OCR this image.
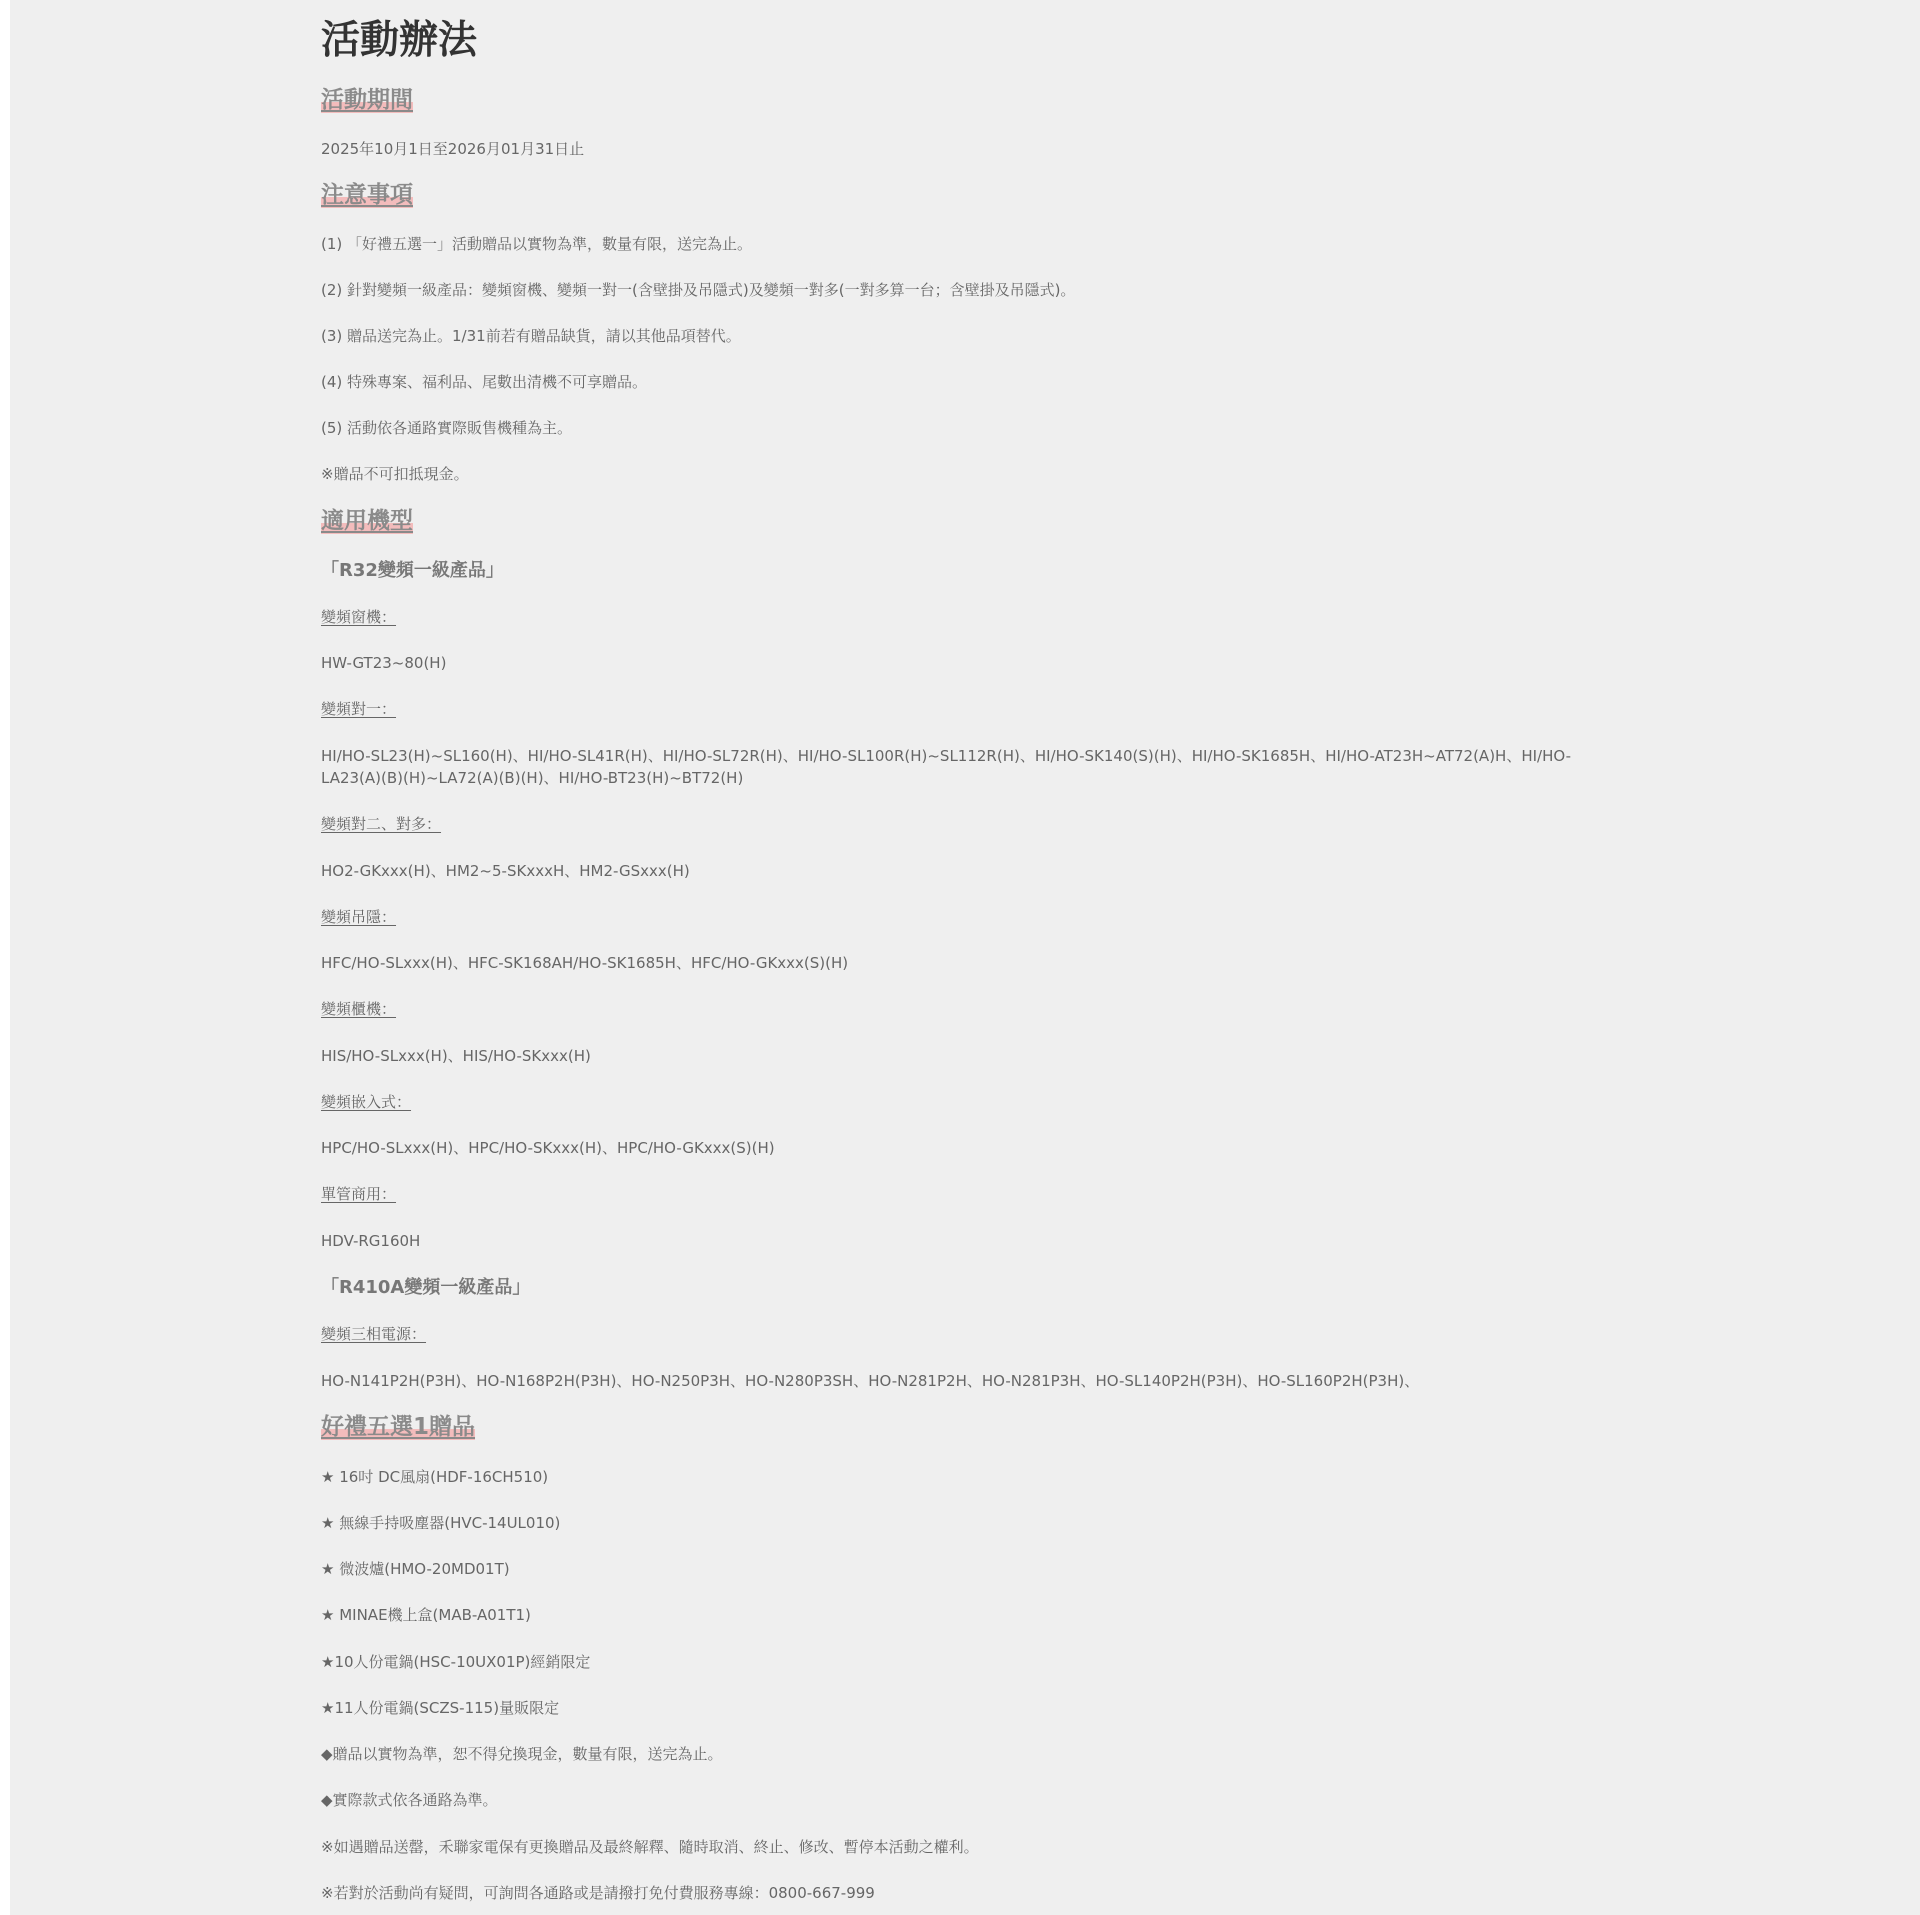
活動辦法
活動期間

2025年10月1日至2026月01月31日止

注意事項

(1) 「好禮五選一」活動贈品以實物為準，數量有限，送完為止。

(2) 針對變頻一級產品：變頻窗機、變頻一對一(含壁掛及吊隱式)及變頻一對多(一對多算一台；含壁掛及吊隱式)。

(3) 贈品送完為止。1/31前若有贈品缺貨，請以其他品項替代。

(4) 特殊專案、福利品、尾數出清機不可享贈品。

(5) 活動依各通路實際販售機種為主。

※贈品不可扣抵現金。

適用機型
「R32變頻一級產品」

變頻窗機：

HW-GT23~80(H)

變頻對一：

HI/HO-SL23(H)~SL160(H)、HI/HO-SL41R(H)、HI/HO-SL72R(H)、HI/HO-SL100R(H)~SL112R(H)、HI/HO-SK140(S)(H)、HI/HO-SK1685H、HI/HO-AT23H~AT72(A)H、HI/HO-LA23(A)(B)(H)~LA72(A)(B)(H)、HI/HO-BT23(H)~BT72(H)

變頻對二、對多：

HO2-GKxxx(H)、HM2~5-SKxxxH、HM2-GSxxx(H)

變頻吊隱：

HFC/HO-SLxxx(H)、HFC-SK168AH/HO-SK1685H、HFC/HO-GKxxx(S)(H)

變頻櫃機：

HIS/HO-SLxxx(H)、HIS/HO-SKxxx(H)

變頻嵌入式：

HPC/HO-SLxxx(H)、HPC/HO-SKxxx(H)、HPC/HO-GKxxx(S)(H)

單管商用：

HDV-RG160H

「R410A變頻一級產品」

變頻三相電源：

HO-N141P2H(P3H)、HO-N168P2H(P3H)、HO-N250P3H、HO-N280P3SH、HO-N281P2H、HO-N281P3H、HO-SL140P2H(P3H)、HO-SL160P2H(P3H)、

好禮五選1贈品

★ 16吋 DC風扇(HDF-16CH510)

★ 無線手持吸塵器(HVC-14UL010)

★ 微波爐(HMO-20MD01T)

★ MINAE機上盒(MAB-A01T1)

★10人份電鍋(HSC-10UX01P)經銷限定

★11人份電鍋(SCZS-115)量販限定

◆贈品以實物為準，恕不得兌換現金，數量有限，送完為止。

◆實際款式依各通路為準。

※如遇贈品送罄，禾聯家電保有更換贈品及最終解釋、隨時取消、終止、修改、暫停本活動之權利。

※若對於活動尚有疑問，可詢問各通路或是請撥打免付費服務專線：0800-667-999
